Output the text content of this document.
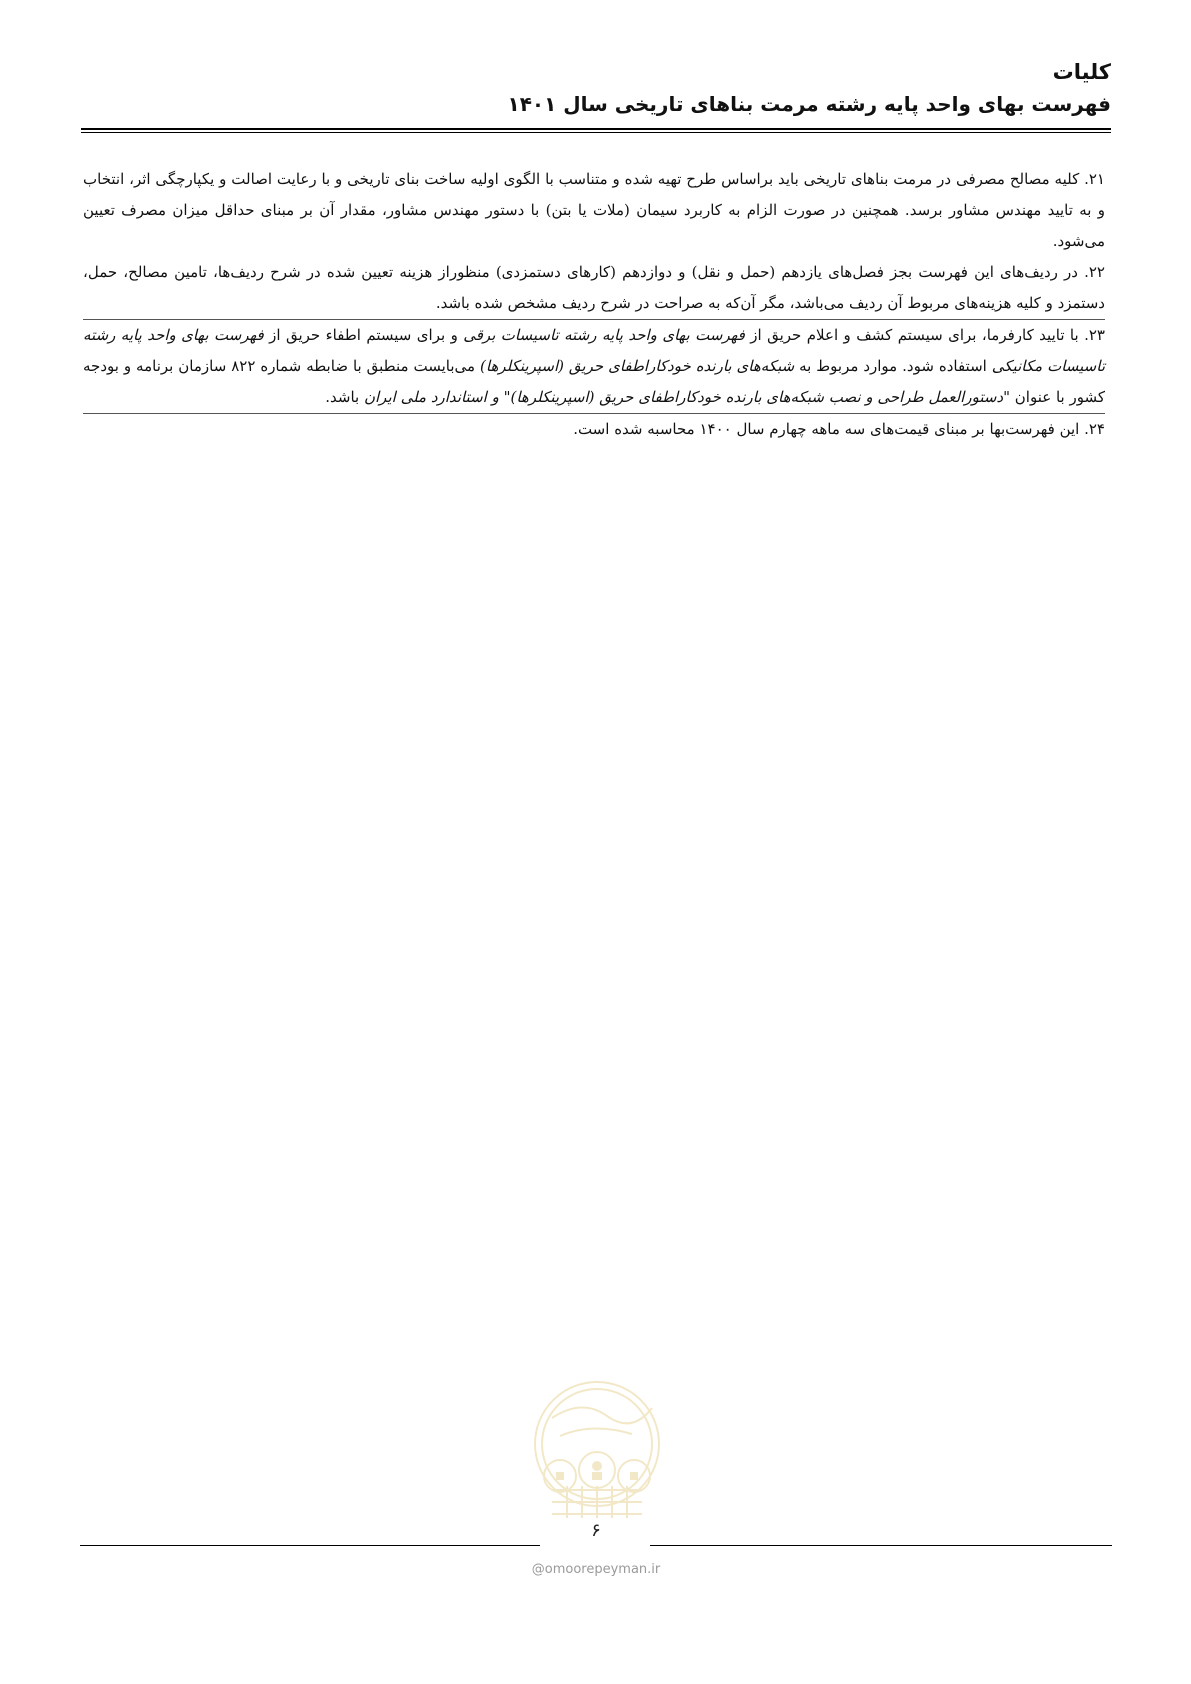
کلیات
فهرست بهای واحد پایه رشته مرمت بناهای تاریخی سال ۱۴۰۱

۲۱. کلیه مصالح مصرفی در مرمت بناهای تاریخی باید براساس طرح تهیه شده و متناسب با الگوی اولیه ساخت بنای تاریخی و با رعایت اصالت و یکپارچگی اثر، انتخاب و به تایید مهندس مشاور برسد. همچنین در صورت الزام به کاربرد سیمان (ملات یا بتن) با دستور مهندس مشاور، مقدار آن بر مبنای حداقل میزان مصرف تعیین می‌شود.

۲۲. در ردیف‌های این فهرست بجز فصل‌های یازدهم (حمل و نقل) و دوازدهم (کارهای دستمزدی) منظوراز هزینه تعیین شده در شرح ردیف‌ها، تامین مصالح، حمل، دستمزد و کلیه هزینه‌های مربوط آن ردیف می‌باشد، مگر آن‌که به صراحت در شرح ردیف مشخص شده باشد.

۲۳. با تایید کارفرما، برای سیستم کشف و اعلام حریق از فهرست بهای واحد پایه رشته تاسیسات برقی و برای سیستم اطفاء حریق از فهرست بهای واحد پایه رشته تاسیسات مکانیکی استفاده شود. موارد مربوط به شبکه‌های بارنده خودکاراطفای حریق (اسپرینکلرها) می‌بایست منطبق با ضابطه شماره ۸۲۲ سازمان برنامه و بودجه کشور با عنوان "دستورالعمل طراحی و نصب شبکه‌های بارنده خودکاراطفای حریق (اسپرینکلرها)" و استاندارد ملی ایران باشد.

۲۴. این فهرست‌بها بر مبنای قیمت‌های سه ماهه چهارم سال ۱۴۰۰ محاسبه شده است.

۶
@omoorepeyman.ir
